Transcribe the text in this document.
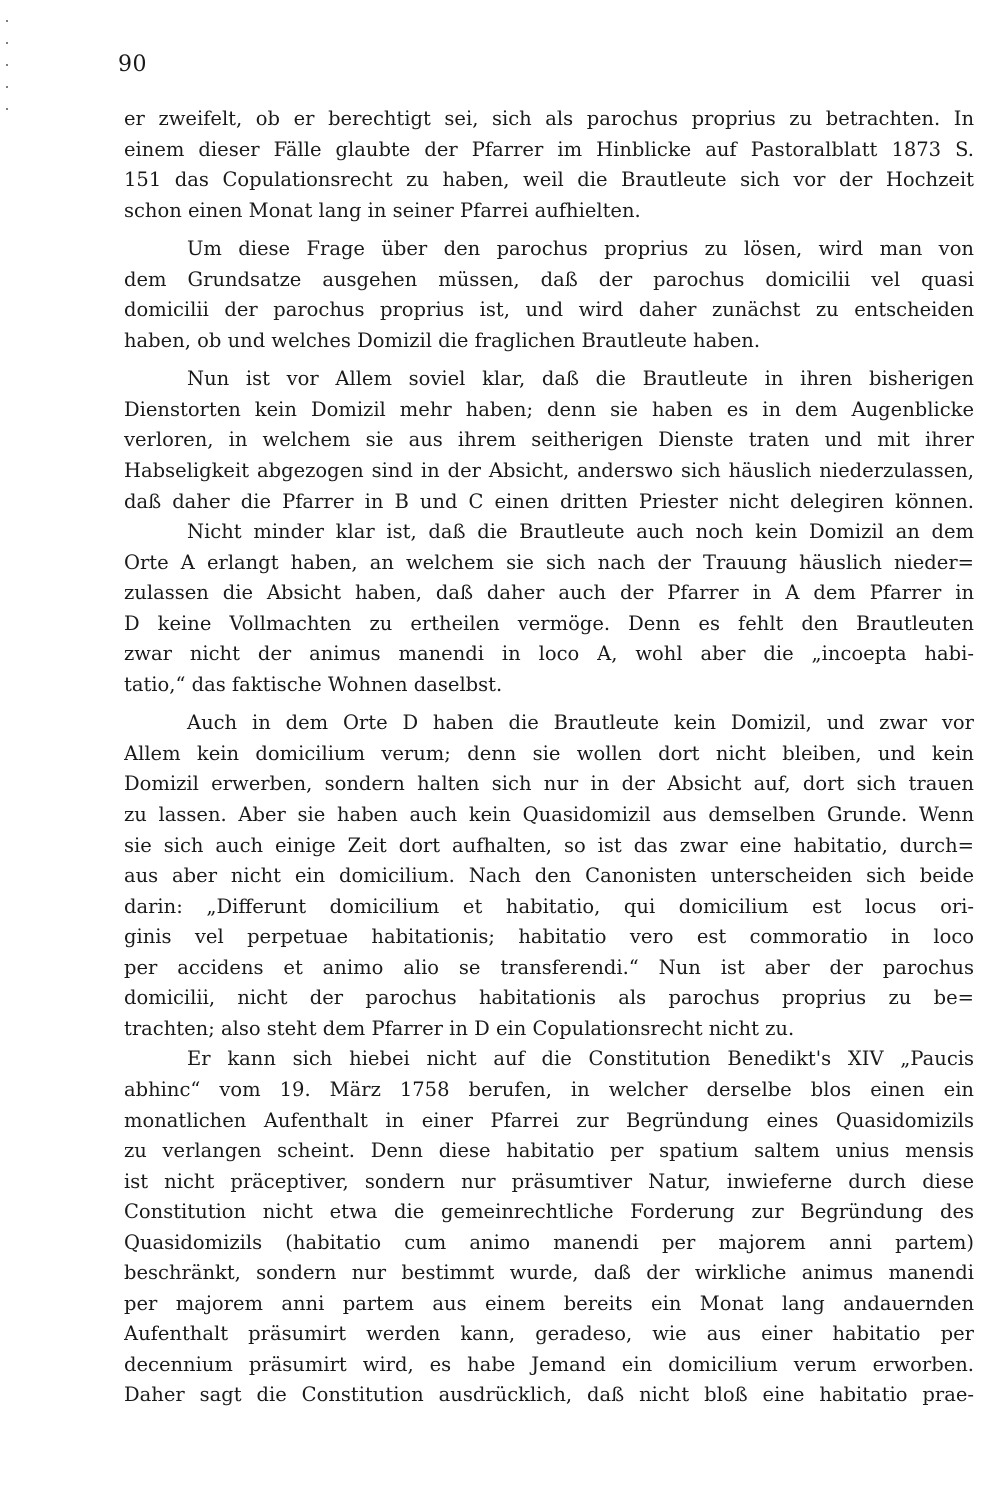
90
er zweifelt, ob er berechtigt sei, sich als parochus proprius zu betrachten. In
einem dieser Fälle glaubte der Pfarrer im Hinblicke auf Pastoralblatt 1873 S.
151 das Copulationsrecht zu haben, weil die Brautleute sich vor der Hochzeit
schon einen Monat lang in seiner Pfarrei aufhielten.
Um diese Frage über den parochus proprius zu lösen, wird man von
dem Grundsatze ausgehen müssen, daß der parochus domicilii vel quasi
domicilii der parochus proprius ist, und wird daher zunächst zu entscheiden
haben, ob und welches Domizil die fraglichen Brautleute haben.
Nun ist vor Allem soviel klar, daß die Brautleute in ihren bisherigen
Dienstorten kein Domizil mehr haben; denn sie haben es in dem Augenblicke
verloren, in welchem sie aus ihrem seitherigen Dienste traten und mit ihrer
Habseligkeit abgezogen sind in der Absicht, anderswo sich häuslich niederzulassen,
daß daher die Pfarrer in B und C einen dritten Priester nicht delegiren können.
Nicht minder klar ist, daß die Brautleute auch noch kein Domizil an dem
Orte A erlangt haben, an welchem sie sich nach der Trauung häuslich nieder=
zulassen die Absicht haben, daß daher auch der Pfarrer in A dem Pfarrer in
D keine Vollmachten zu ertheilen vermöge. Denn es fehlt den Brautleuten
zwar nicht der animus manendi in loco A, wohl aber die „incoepta habi-
tatio,“ das faktische Wohnen daselbst.
Auch in dem Orte D haben die Brautleute kein Domizil, und zwar vor
Allem kein domicilium verum; denn sie wollen dort nicht bleiben, und kein
Domizil erwerben, sondern halten sich nur in der Absicht auf, dort sich trauen
zu lassen. Aber sie haben auch kein Quasidomizil aus demselben Grunde. Wenn
sie sich auch einige Zeit dort aufhalten, so ist das zwar eine habitatio, durch=
aus aber nicht ein domicilium. Nach den Canonisten unterscheiden sich beide
darin: „Differunt domicilium et habitatio, qui domicilium est locus ori-
ginis vel perpetuae habitationis; habitatio vero est commoratio in loco
per accidens et animo alio se transferendi.“ Nun ist aber der parochus
domicilii, nicht der parochus habitationis als parochus proprius zu be=
trachten; also steht dem Pfarrer in D ein Copulationsrecht nicht zu.
Er kann sich hiebei nicht auf die Constitution Benedikt's XIV „Paucis
abhinc“ vom 19. März 1758 berufen, in welcher derselbe blos einen ein
monatlichen Aufenthalt in einer Pfarrei zur Begründung eines Quasidomizils
zu verlangen scheint. Denn diese habitatio per spatium saltem unius mensis
ist nicht präceptiver, sondern nur präsumtiver Natur, inwieferne durch diese
Constitution nicht etwa die gemeinrechtliche Forderung zur Begründung des
Quasidomizils (habitatio cum animo manendi per majorem anni partem)
beschränkt, sondern nur bestimmt wurde, daß der wirkliche animus manendi
per majorem anni partem aus einem bereits ein Monat lang andauernden
Aufenthalt präsumirt werden kann, geradeso, wie aus einer habitatio per
decennium präsumirt wird, es habe Jemand ein domicilium verum erworben.
Daher sagt die Constitution ausdrücklich, daß nicht bloß eine habitatio prae-
